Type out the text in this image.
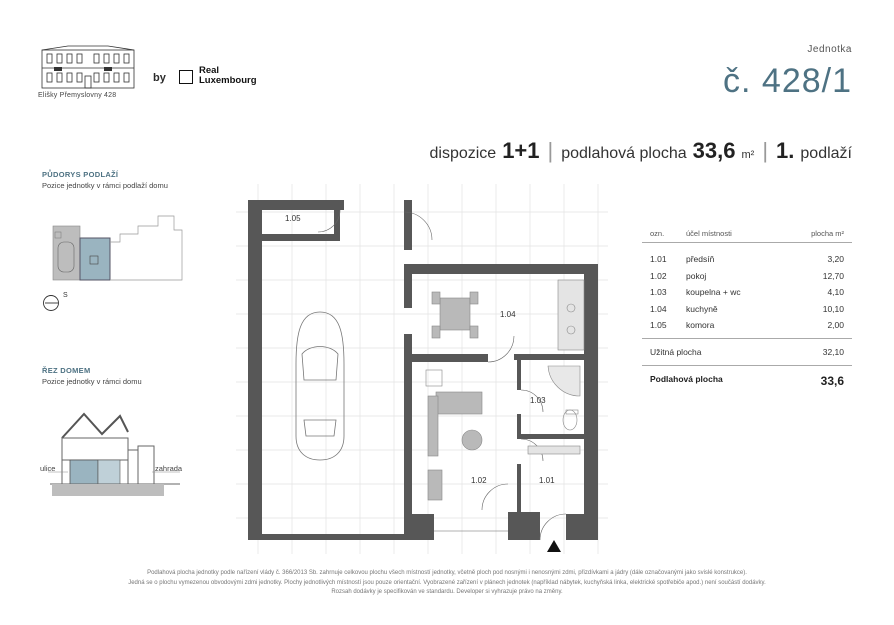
Elišky Přemyslovny 428
by
Real
Luxembourg
Jednotka
č. 428/1
dispozice 1+1 | podlahová plocha 33,6 m² | 1. podlaží
PŮDORYS PODLAŽÍ
Pozice jednotky v rámci podlaží domu
S
ŘEZ DOMEM
Pozice jednotky v rámci domu
ulice	zahrada
1.05
1.04
1.03
1.02	1.01
ozn.	účel místnosti	plocha m²
1.01	předsíň	3,20
1.02	pokoj	12,70
1.03	koupelna + wc	4,10
1.04	kuchyně	10,10
1.05	komora	2,00
Užitná plocha	32,10
Podlahová plocha	33,6
Podlahová plocha jednotky podle nařízení vlády č. 366/2013 Sb. zahrnuje celkovou plochu všech místností jednotky, včetně ploch pod nosnými i nenosnými zdmi, přizdívkami a jádry (dále označovanými jako svislé konstrukce).
Jedná se o plochu vymezenou obvodovými zdmi jednotky. Plochy jednotlivých místností jsou pouze orientační. Vyobrazené zařízení v plánech jednotek (například nábytek, kuchyňská linka, elektrické spotřebiče apod.) není součástí dodávky.
Rozsah dodávky je specifikován ve standardu. Developer si vyhrazuje právo na změny.
